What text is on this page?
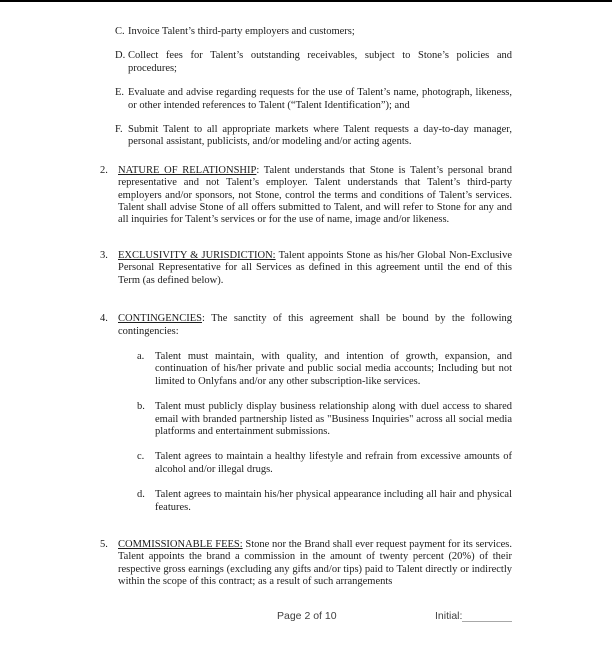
C. Invoice Talent’s third-party employers and customers;
D. Collect fees for Talent’s outstanding receivables, subject to Stone’s policies and procedures;
E. Evaluate and advise regarding requests for the use of Talent’s name, photograph, likeness, or other intended references to Talent (“Talent Identification”); and
F. Submit Talent to all appropriate markets where Talent requests a day-to-day manager, personal assistant, publicists, and/or modeling and/or acting agents.
2. NATURE OF RELATIONSHIP: Talent understands that Stone is Talent’s personal brand representative and not Talent’s employer. Talent understands that Talent’s third-party employers and/or sponsors, not Stone, control the terms and conditions of Talent’s services. Talent shall advise Stone of all offers submitted to Talent, and will refer to Stone for any and all inquiries for Talent’s services or for the use of name, image and/or likeness.
3. EXCLUSIVITY & JURISDICTION: Talent appoints Stone as his/her Global Non-Exclusive Personal Representative for all Services as defined in this agreement until the end of this Term (as defined below).
4. CONTINGENCIES: The sanctity of this agreement shall be bound by the following contingencies:
a.	Talent must maintain, with quality, and intention of growth, expansion, and continuation of his/her private and public social media accounts; Including but not limited to Onlyfans and/or any other subscription-like services.
b. Talent must publicly display business relationship along with duel access to shared email with branded partnership listed as "Business Inquiries" across all social media platforms and entertainment submissions.
c.	Talent agrees to maintain a healthy lifestyle and refrain from excessive amounts of alcohol and/or illegal drugs.
d. Talent agrees to maintain his/her physical appearance including all hair and physical features.
5. COMMISSIONABLE FEES: Stone nor the Brand shall ever request payment for its services. Talent appoints the brand a commission in the amount of twenty percent (20%) of their respective gross earnings (excluding any gifts and/or tips) paid to Talent directly or indirectly within the scope of this contract; as a result of such arrangements
Page 2 of 10	Initial:
